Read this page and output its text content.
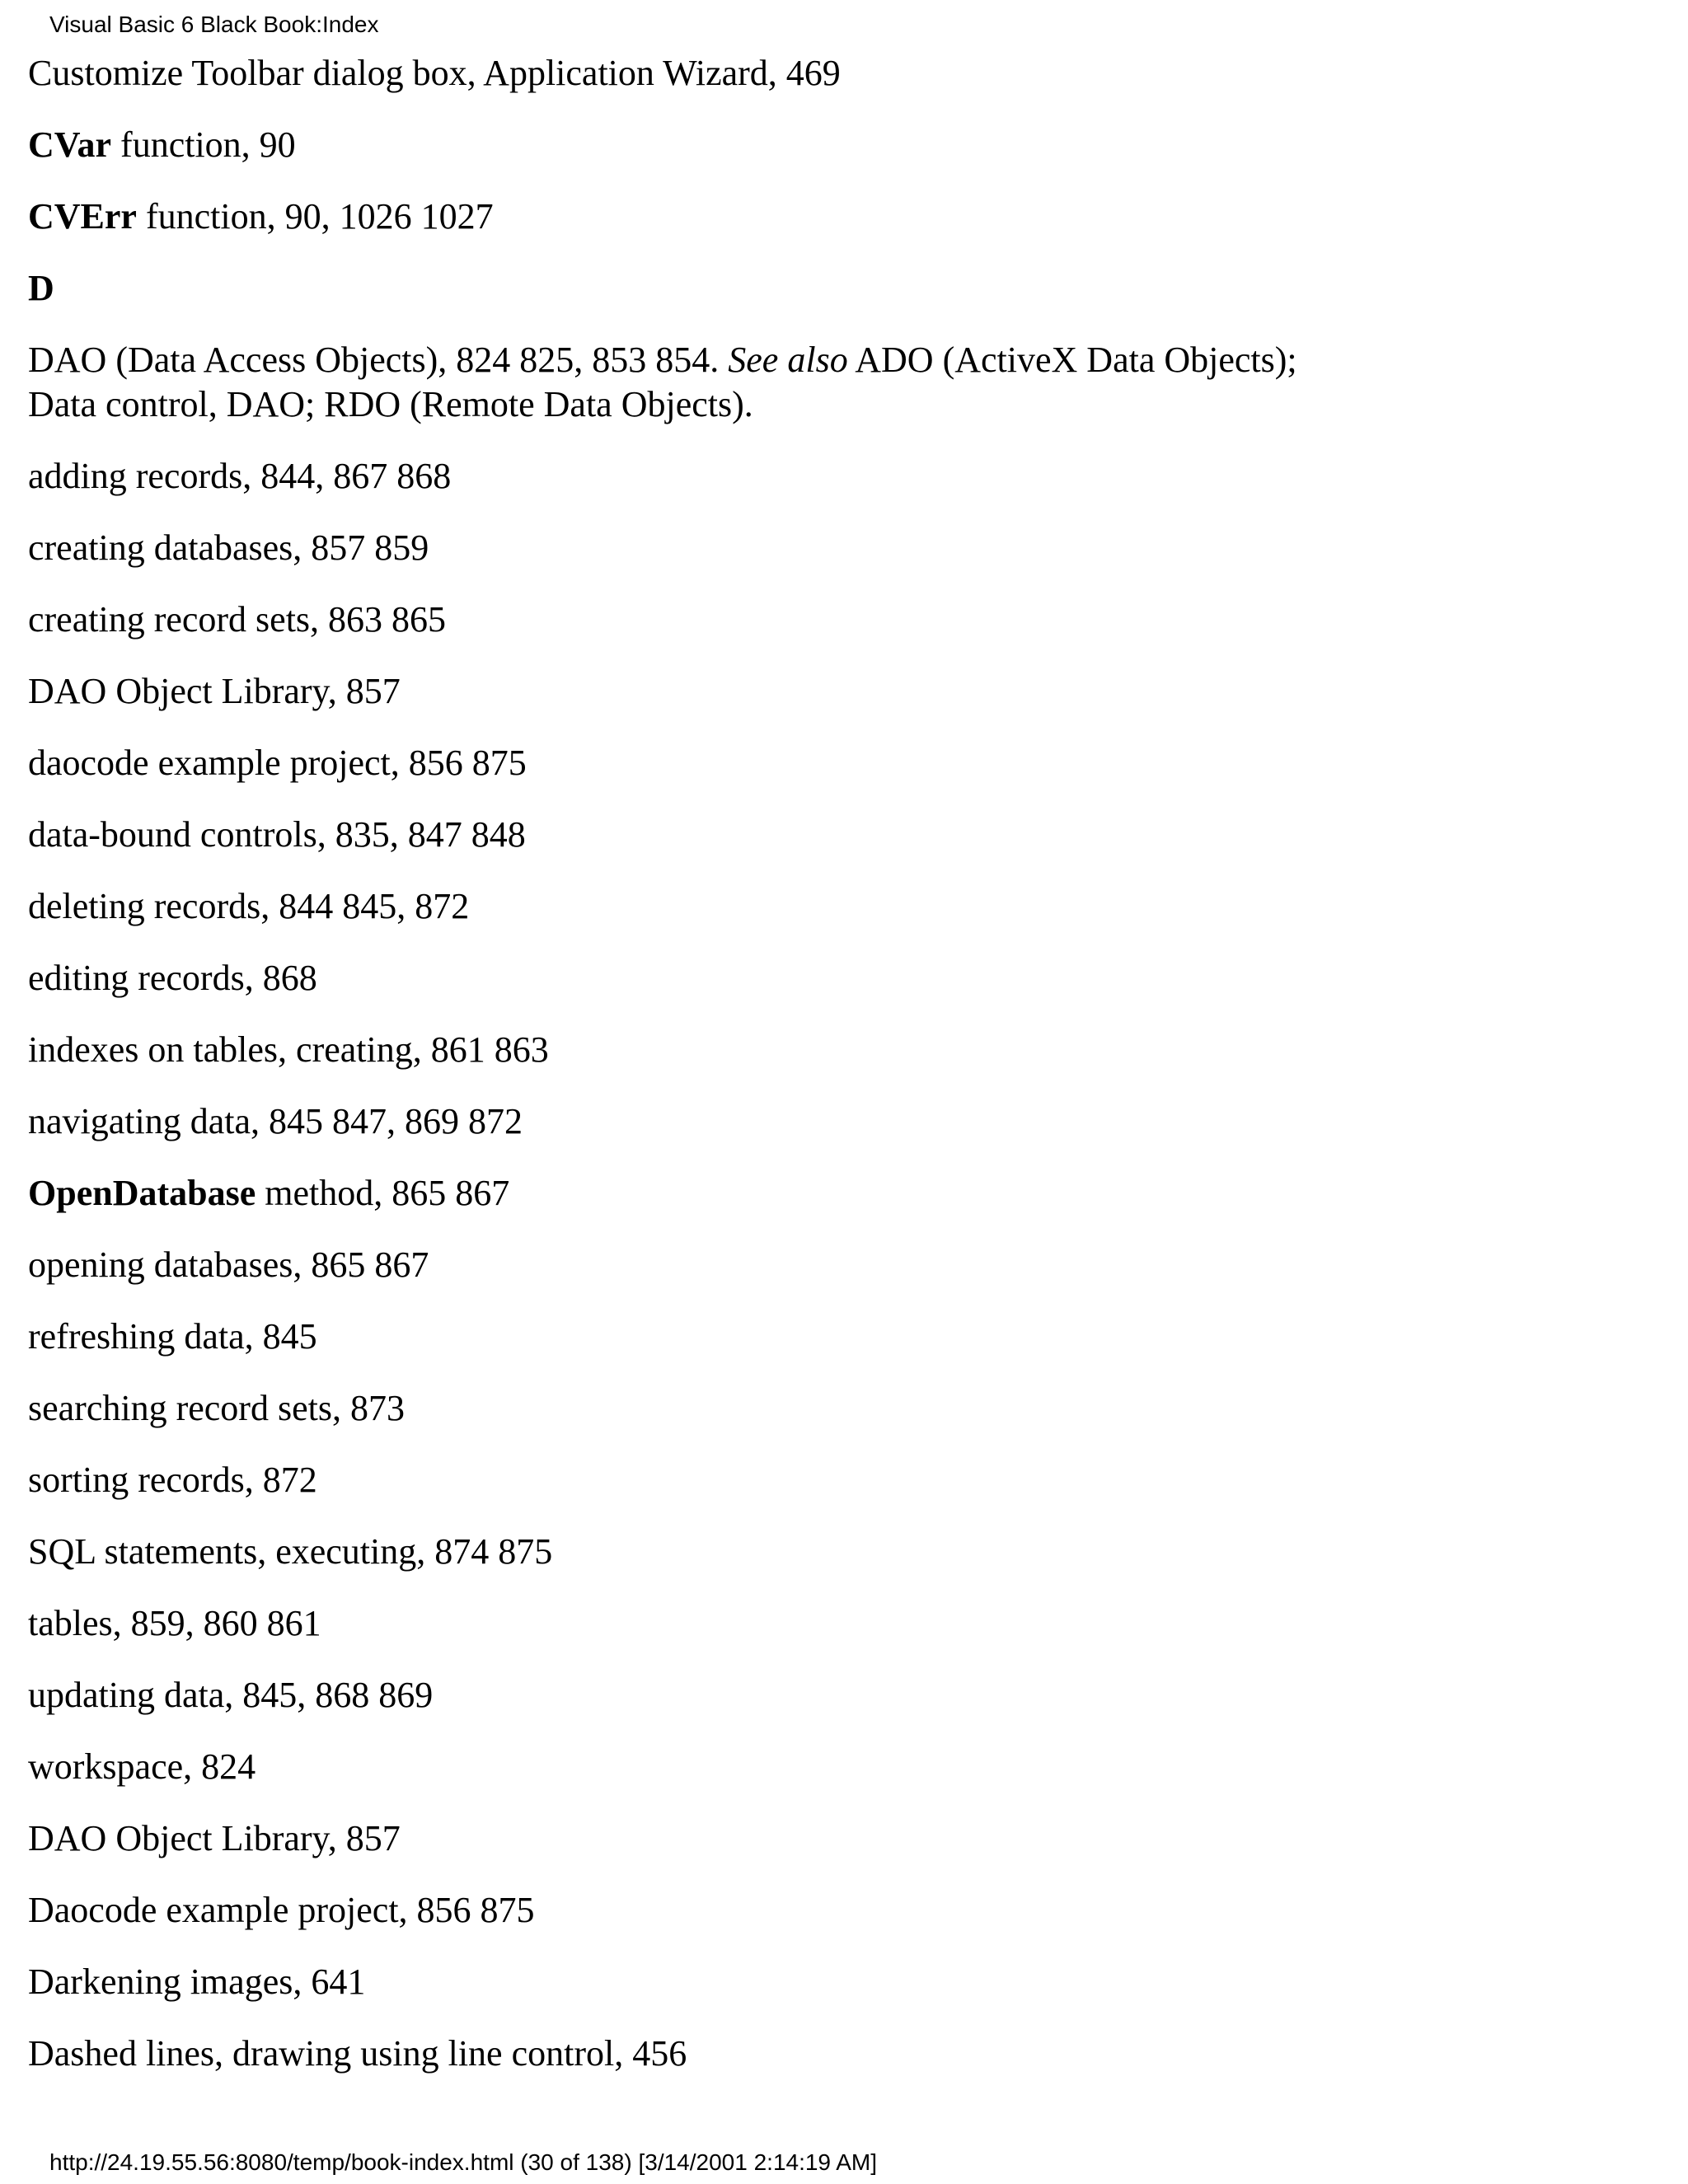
Visual Basic 6 Black Book:Index

Customize Toolbar dialog box, Application Wizard, 469

CVar function, 90

CVErr function, 90, 1026 1027

D

DAO (Data Access Objects), 824 825, 853 854. See also ADO (ActiveX Data Objects); Data control, DAO; RDO (Remote Data Objects).

adding records, 844, 867 868

creating databases, 857 859

creating record sets, 863 865

DAO Object Library, 857

daocode example project, 856 875

data-bound controls, 835, 847 848

deleting records, 844 845, 872

editing records, 868

indexes on tables, creating, 861 863

navigating data, 845 847, 869 872

OpenDatabase method, 865 867

opening databases, 865 867

refreshing data, 845

searching record sets, 873

sorting records, 872

SQL statements, executing, 874 875

tables, 859, 860 861

updating data, 845, 868 869

workspace, 824

DAO Object Library, 857

Daocode example project, 856 875

Darkening images, 641

Dashed lines, drawing using line control, 456

http://24.19.55.56:8080/temp/book-index.html (30 of 138) [3/14/2001 2:14:19 AM]
